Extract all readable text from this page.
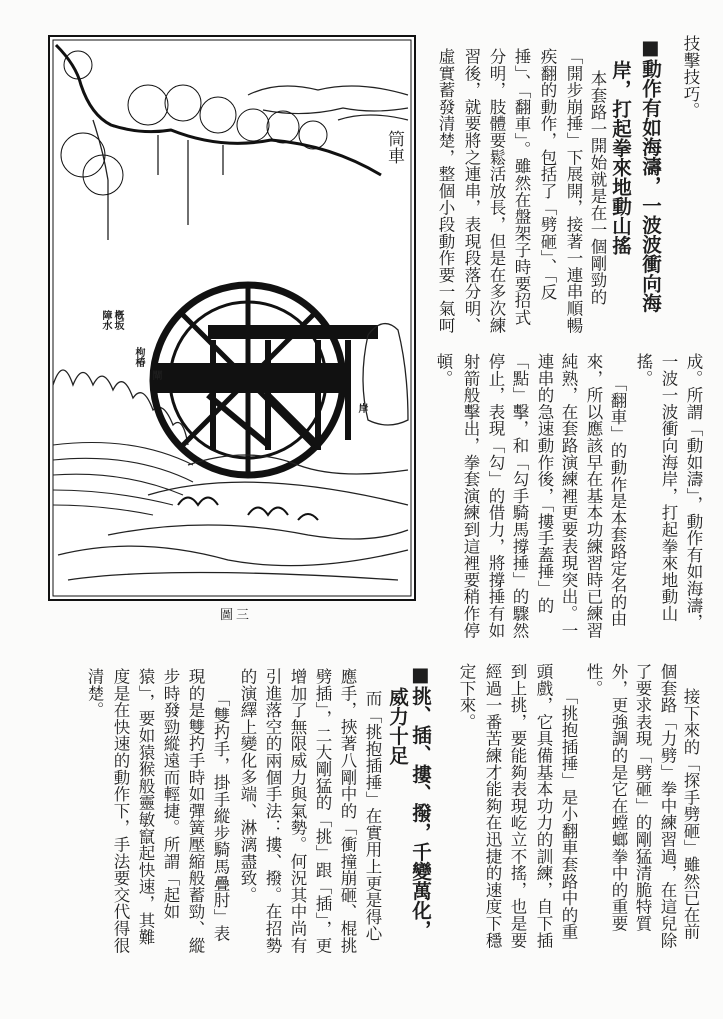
技擊技巧。
■動作有如海濤，一波波衝向海
岸，打起拳來地動山搖
本套路一開始就是在一個剛勁的
「開步崩捶」下展開，接著一連串順暢
疾翻的動作，包括了「劈砸」、「反
捶」、「翻車」。雖然在盤架子時要招式
分明，肢體要鬆活放長，但是在多次練
習後，就要將之連串，表現段落分明、
虛實蓄發清楚，整個小段動作要一氣呵
成。所謂「動如濤」，動作有如海濤，
一波一波衝向海岸，打起拳來地動山
搖。
「翻車」的動作是本套路定名的由
來，所以應該早在基本功練習時已練習
純熟，在套路演練裡更要表現突出。一
連串的急速動作後，「摟手蓋捶」的
「點」擊，和「勾手騎馬撐捶」的驟然
停止，表現「勾」的借力，將撐捶有如
射箭般擊出，拳套演練到這裡要稍作停
頓。
接下來的「探手劈砸」雖然已在前
個套路「力劈」拳中練習過，在這兒除
了要求表現「劈砸」的剛猛清脆特質
外，更強調的是它在螳螂拳中的重要
性。
「挑抱插捶」是小翻車套路中的重
頭戲，它具備基本功力的訓練，自下插
到上挑，要能夠表現屹立不搖，也是要
經過一番苦練才能夠在迅捷的速度下穩
定下來。
■挑、插、摟、撥，千變萬化，
威力十足
而「挑抱插捶」在實用上更是得心
應手，挾著八剛中的「衝撞崩砸、棍挑
劈插」，二大剛猛的「挑」跟「插」，更
增加了無限威力與氣勢。何況其中尚有
引進落空的兩個手法：摟、撥。在招勢
的演繹上變化多端、淋漓盡致。
「雙扚手，掛手縱步騎馬疊肘」表
現的是雙扚手時如彈簧壓縮般蓄勁、縱
步時發勁縱遠而輕捷。所謂「起如
猿」，要如猿猴般靈敏竄起快速，其難
度是在快速的動作下，手法要交代得很
清楚。
筒車
槪坂
障水
枸椿
閘
岸
圖三
